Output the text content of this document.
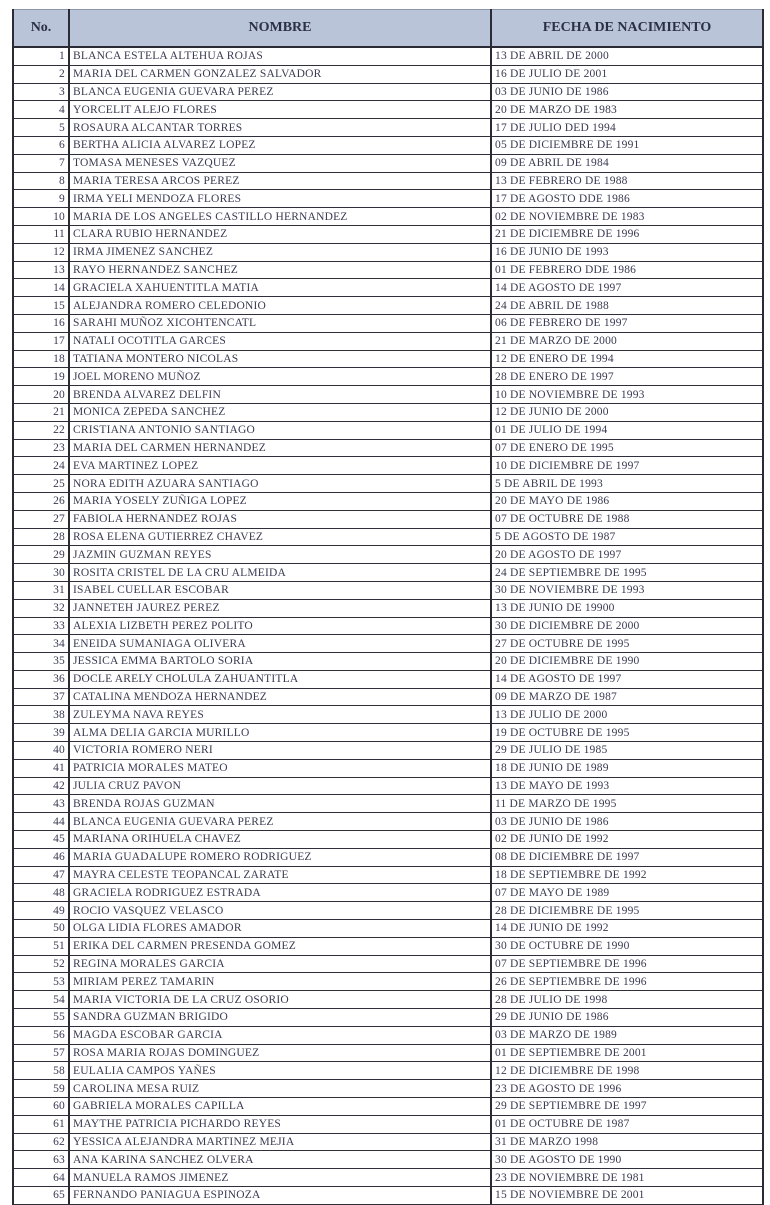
No.	NOMBRE	FECHA DE NACIMIENTO
1	BLANCA ESTELA ALTEHUA ROJAS	13 DE ABRIL DE 2000
2	MARIA DEL CARMEN GONZALEZ SALVADOR	16 DE JULIO DE 2001
3	BLANCA EUGENIA GUEVARA PEREZ	03 DE JUNIO DE 1986
4	YORCELIT ALEJO FLORES	20 DE MARZO DE 1983
5	ROSAURA ALCANTAR TORRES	17 DE JULIO DED 1994
6	BERTHA ALICIA ALVAREZ LOPEZ	05 DE DICIEMBRE DE 1991
7	TOMASA MENESES VAZQUEZ	09 DE ABRIL DE 1984
8	MARIA TERESA ARCOS PEREZ	13 DE FEBRERO DE 1988
9	IRMA YELI MENDOZA FLORES	17 DE AGOSTO DDE 1986
10	MARIA DE LOS ANGELES CASTILLO HERNANDEZ	02 DE NOVIEMBRE DE 1983
11	CLARA RUBIO HERNANDEZ	21 DE DICIEMBRE DE 1996
12	IRMA JIMENEZ SANCHEZ	16 DE JUNIO DE 1993
13	RAYO HERNANDEZ SANCHEZ	01 DE FEBRERO DDE 1986
14	GRACIELA XAHUENTITLA MATIA	14 DE AGOSTO DE 1997
15	ALEJANDRA ROMERO CELEDONIO	24 DE ABRIL DE 1988
16	SARAHI MUÑOZ XICOHTENCATL	06 DE FEBRERO DE 1997
17	NATALI OCOTITLA GARCES	21 DE MARZO DE 2000
18	TATIANA MONTERO NICOLAS	12 DE ENERO DE 1994
19	JOEL MORENO MUÑOZ	28 DE ENERO DE 1997
20	BRENDA ALVAREZ DELFIN	10 DE NOVIEMBRE DE 1993
21	MONICA ZEPEDA SANCHEZ	12 DE JUNIO DE 2000
22	CRISTIANA ANTONIO SANTIAGO	01 DE JULIO DE 1994
23	MARIA DEL CARMEN HERNANDEZ	07 DE ENERO DE 1995
24	EVA MARTINEZ LOPEZ	10 DE DICIEMBRE DE 1997
25	NORA EDITH AZUARA SANTIAGO	5 DE ABRIL DE 1993
26	MARIA YOSELY ZUÑIGA LOPEZ	20 DE MAYO DE 1986
27	FABIOLA HERNANDEZ ROJAS	07 DE OCTUBRE DE 1988
28	ROSA ELENA GUTIERREZ CHAVEZ	5 DE AGOSTO DE 1987
29	JAZMIN GUZMAN REYES	20 DE AGOSTO DE 1997
30	ROSITA CRISTEL DE LA CRU ALMEIDA	24 DE SEPTIEMBRE DE 1995
31	ISABEL CUELLAR ESCOBAR	30 DE NOVIEMBRE DE 1993
32	JANNETEH JAUREZ PEREZ	13 DE JUNIO DE 19900
33	ALEXIA LIZBETH PEREZ POLITO	30 DE DICIEMBRE DE 2000
34	ENEIDA SUMANIAGA OLIVERA	27 DE OCTUBRE DE 1995
35	JESSICA EMMA BARTOLO SORIA	20 DE DICIEMBRE DE 1990
36	DOCLE ARELY CHOLULA ZAHUANTITLA	14 DE AGOSTO DE 1997
37	CATALINA MENDOZA HERNANDEZ	09 DE MARZO DE 1987
38	ZULEYMA NAVA REYES	13 DE JULIO DE 2000
39	ALMA DELIA GARCIA MURILLO	19 DE OCTUBRE DE 1995
40	VICTORIA ROMERO NERI	29 DE JULIO DE 1985
41	PATRICIA MORALES MATEO	18 DE JUNIO DE 1989
42	JULIA CRUZ PAVON	13 DE MAYO DE 1993
43	BRENDA ROJAS GUZMAN	11 DE MARZO DE 1995
44	BLANCA EUGENIA GUEVARA PEREZ	03 DE JUNIO DE 1986
45	MARIANA ORIHUELA CHAVEZ	02 DE JUNIO DE 1992
46	MARIA GUADALUPE ROMERO RODRIGUEZ	08 DE DICIEMBRE DE 1997
47	MAYRA CELESTE TEOPANCAL ZARATE	18 DE SEPTIEMBRE DE 1992
48	GRACIELA RODRIGUEZ ESTRADA	07 DE MAYO DE 1989
49	ROCIO VASQUEZ VELASCO	28 DE DICIEMBRE DE 1995
50	OLGA LIDIA FLORES AMADOR	14 DE JUNIO DE 1992
51	ERIKA DEL CARMEN PRESENDA GOMEZ	30 DE OCTUBRE DE 1990
52	REGINA MORALES GARCIA	07 DE SEPTIEMBRE DE 1996
53	MIRIAM PEREZ TAMARIN	26 DE SEPTIEMBRE DE 1996
54	MARIA VICTORIA DE LA CRUZ OSORIO	28 DE JULIO DE 1998
55	SANDRA GUZMAN BRIGIDO	29 DE JUNIO DE 1986
56	MAGDA ESCOBAR GARCIA	03 DE MARZO DE 1989
57	ROSA MARIA ROJAS DOMINGUEZ	01 DE SEPTIEMBRE DE 2001
58	EULALIA CAMPOS YAÑES	12 DE DICIEMBRE DE 1998
59	CAROLINA MESA RUIZ	23 DE AGOSTO DE 1996
60	GABRIELA MORALES CAPILLA	29 DE SEPTIEMBRE DE 1997
61	MAYTHE PATRICIA PICHARDO REYES	01 DE OCTUBRE DE 1987
62	YESSICA ALEJANDRA MARTINEZ MEJIA	31 DE MARZO 1998
63	ANA KARINA SANCHEZ OLVERA	30 DE AGOSTO DE 1990
64	MANUELA RAMOS JIMENEZ	23 DE NOVIEMBRE DE 1981
65	FERNANDO PANIAGUA ESPINOZA	15 DE NOVIEMBRE DE 2001
